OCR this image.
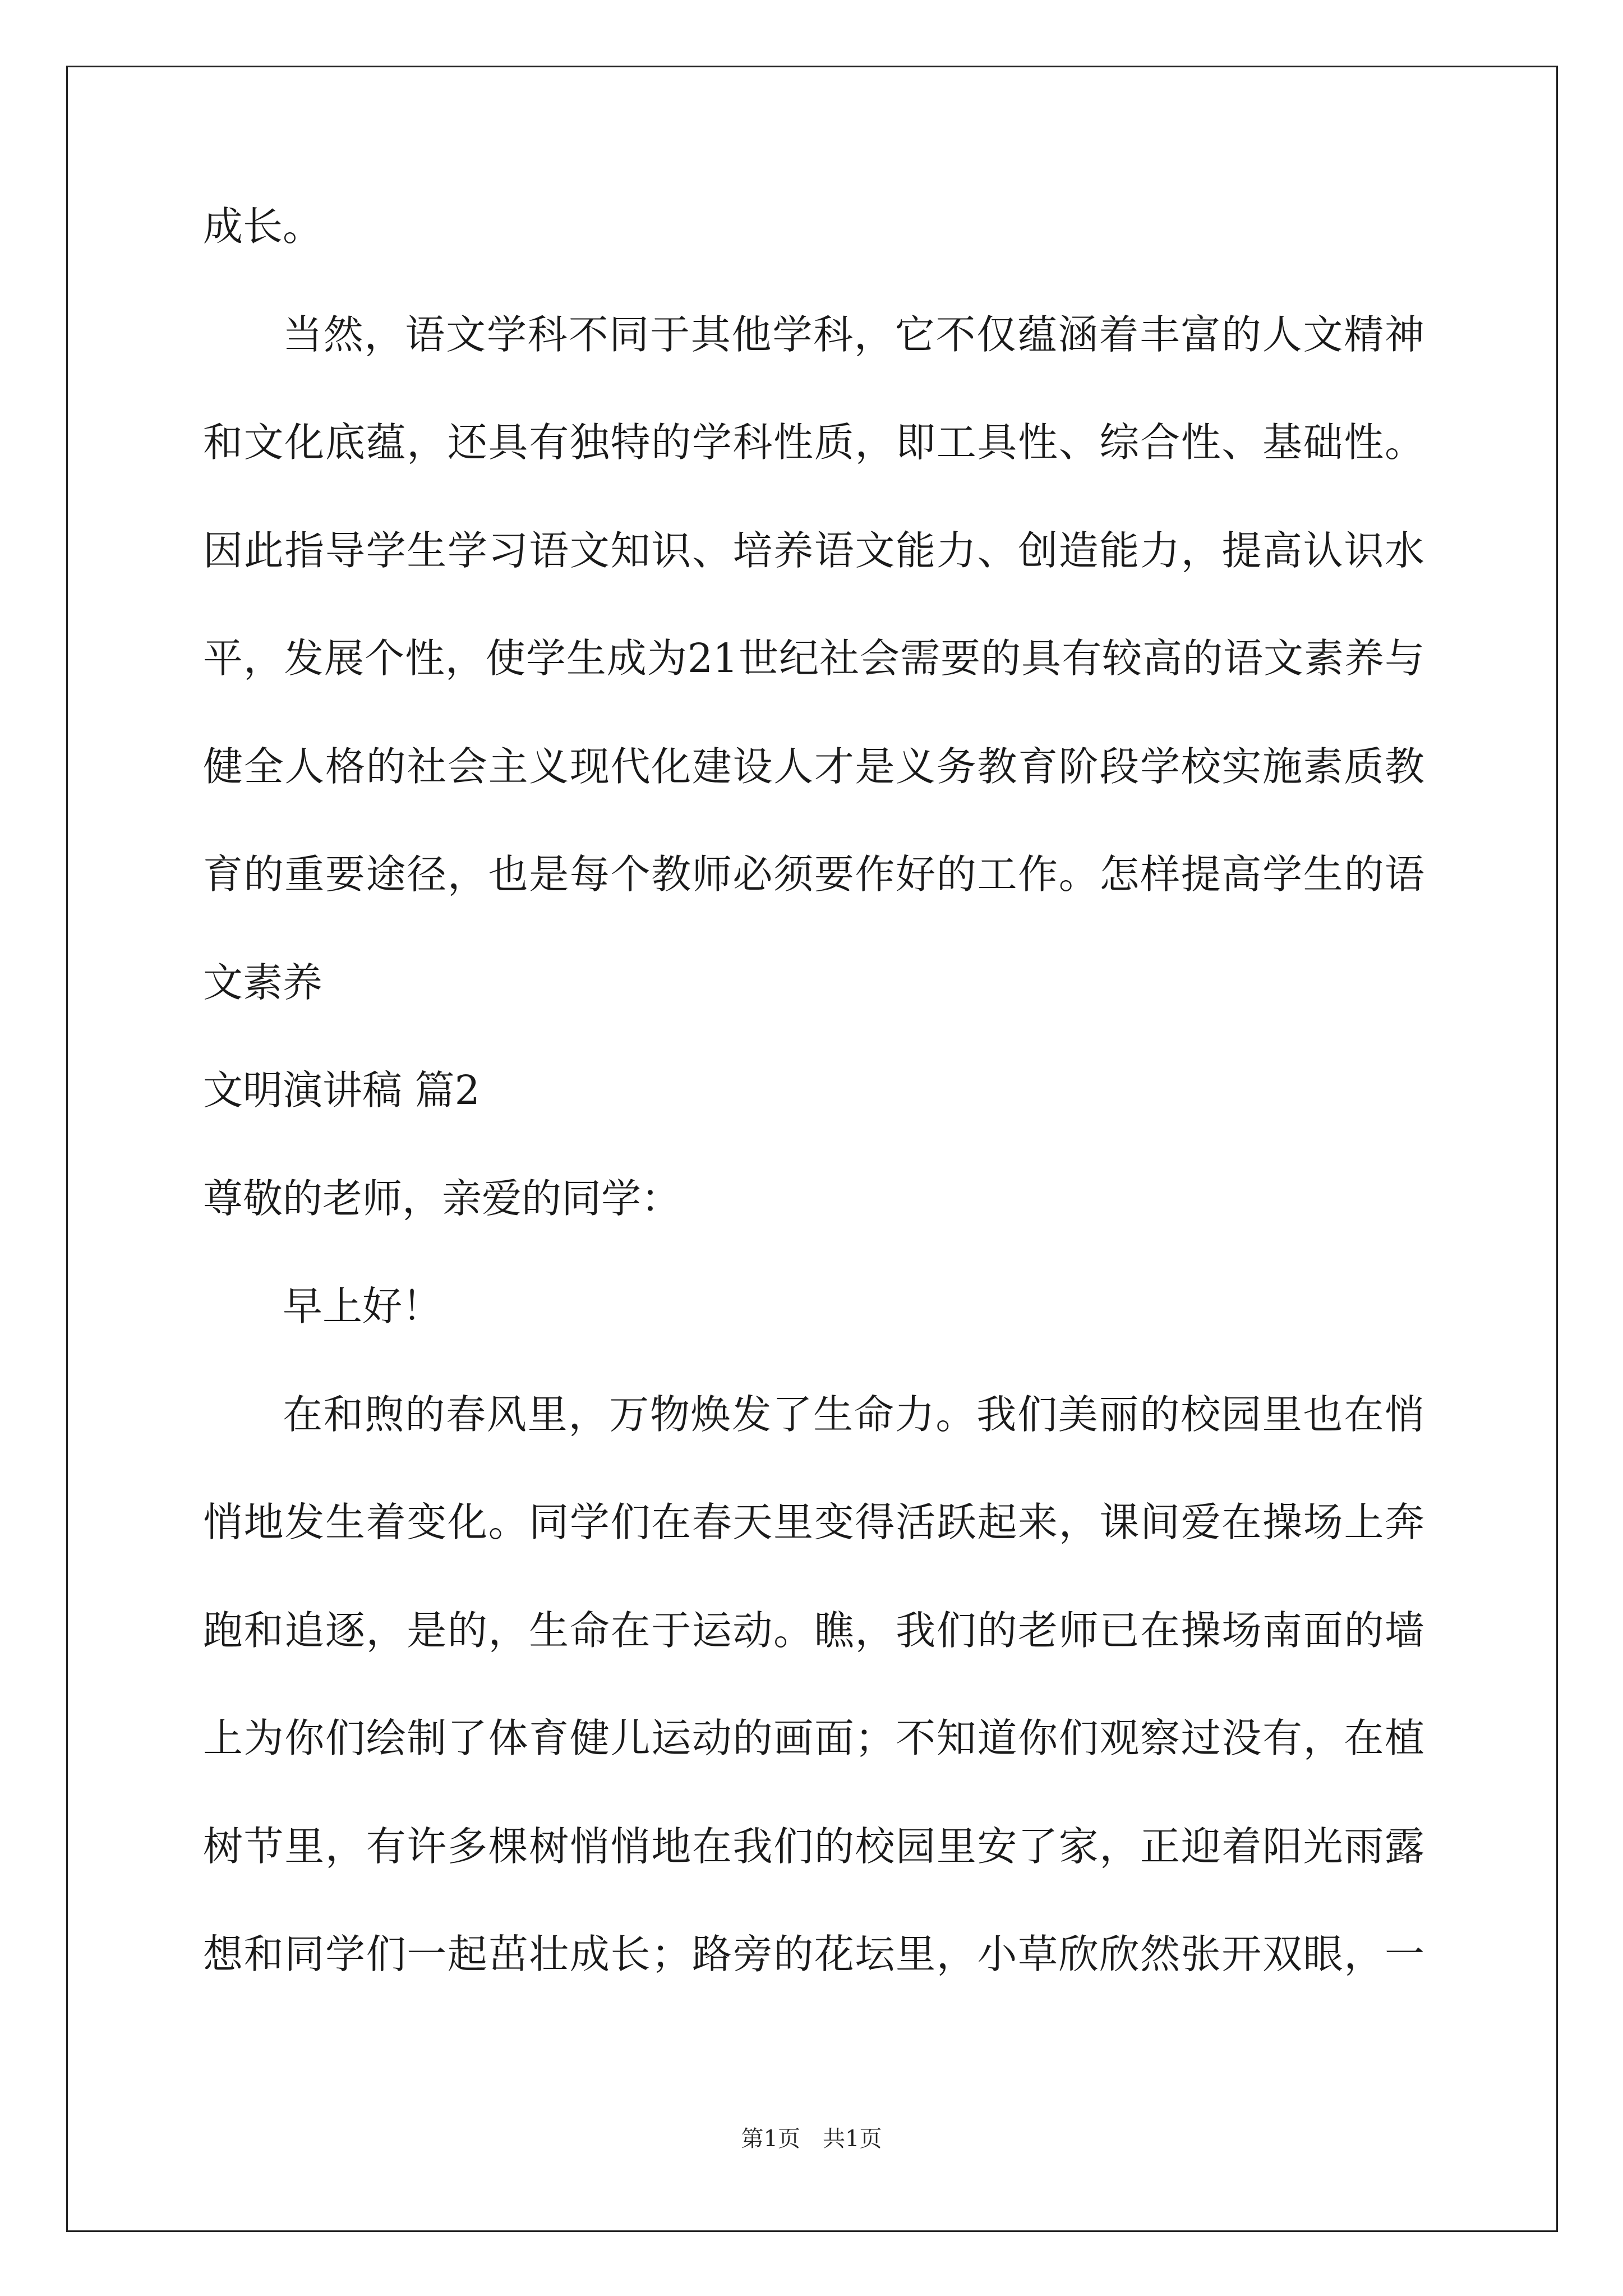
成长。
当然，语文学科不同于其他学科，它不仅蕴涵着丰富的人文精神
和文化底蕴，还具有独特的学科性质，即工具性、综合性、基础性。
因此指导学生学习语文知识、培养语文能力、创造能力，提高认识水
平，发展个性，使学生成为21世纪社会需要的具有较高的语文素养与
健全人格的社会主义现代化建设人才是义务教育阶段学校实施素质教
育的重要途径，也是每个教师必须要作好的工作。怎样提高学生的语
文素养
文明演讲稿 篇2
尊敬的老师，亲爱的同学：
早上好！
在和煦的春风里，万物焕发了生命力。我们美丽的校园里也在悄
悄地发生着变化。同学们在春天里变得活跃起来，课间爱在操场上奔
跑和追逐，是的，生命在于运动。瞧，我们的老师已在操场南面的墙
上为你们绘制了体育健儿运动的画面；不知道你们观察过没有，在植
树节里，有许多棵树悄悄地在我们的校园里安了家，正迎着阳光雨露
想和同学们一起茁壮成长；路旁的花坛里，小草欣欣然张开双眼，一
第1页　共1页
